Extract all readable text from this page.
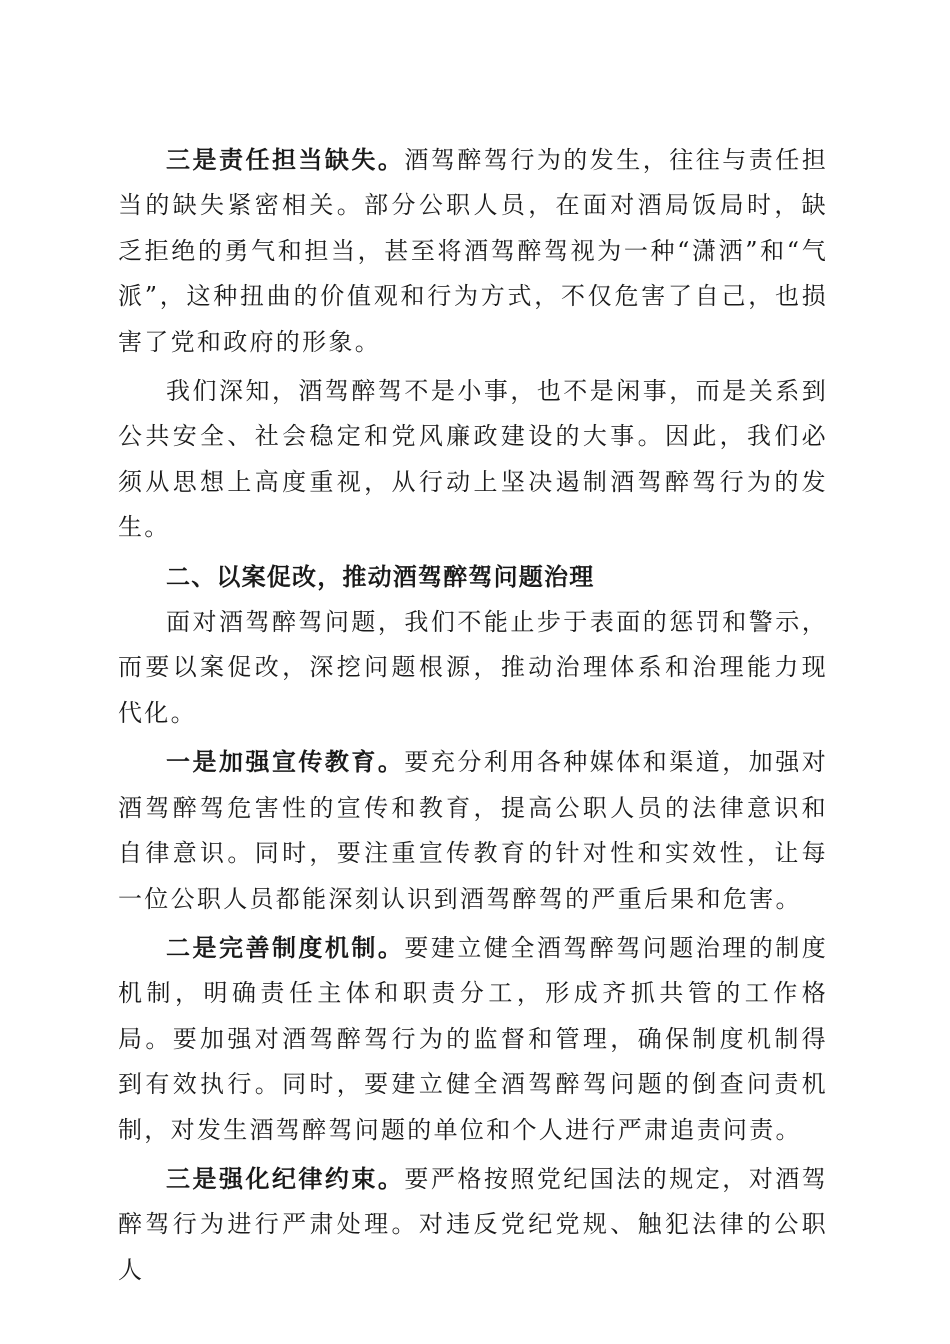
三是责任担当缺失。酒驾醉驾行为的发生，往往与责任担当的缺失紧密相关。部分公职人员，在面对酒局饭局时，缺乏拒绝的勇气和担当，甚至将酒驾醉驾视为一种“潇洒”和“气派”，这种扭曲的价值观和行为方式，不仅危害了自己，也损害了党和政府的形象。

我们深知，酒驾醉驾不是小事，也不是闲事，而是关系到公共安全、社会稳定和党风廉政建设的大事。因此，我们必须从思想上高度重视，从行动上坚决遏制酒驾醉驾行为的发生。

二、以案促改，推动酒驾醉驾问题治理

面对酒驾醉驾问题，我们不能止步于表面的惩罚和警示，而要以案促改，深挖问题根源，推动治理体系和治理能力现代化。

一是加强宣传教育。要充分利用各种媒体和渠道，加强对酒驾醉驾危害性的宣传和教育，提高公职人员的法律意识和自律意识。同时，要注重宣传教育的针对性和实效性，让每一位公职人员都能深刻认识到酒驾醉驾的严重后果和危害。

二是完善制度机制。要建立健全酒驾醉驾问题治理的制度机制，明确责任主体和职责分工，形成齐抓共管的工作格局。要加强对酒驾醉驾行为的监督和管理，确保制度机制得到有效执行。同时，要建立健全酒驾醉驾问题的倒查问责机制，对发生酒驾醉驾问题的单位和个人进行严肃追责问责。

三是强化纪律约束。要严格按照党纪国法的规定，对酒驾醉驾行为进行严肃处理。对违反党纪党规、触犯法律的公职人
